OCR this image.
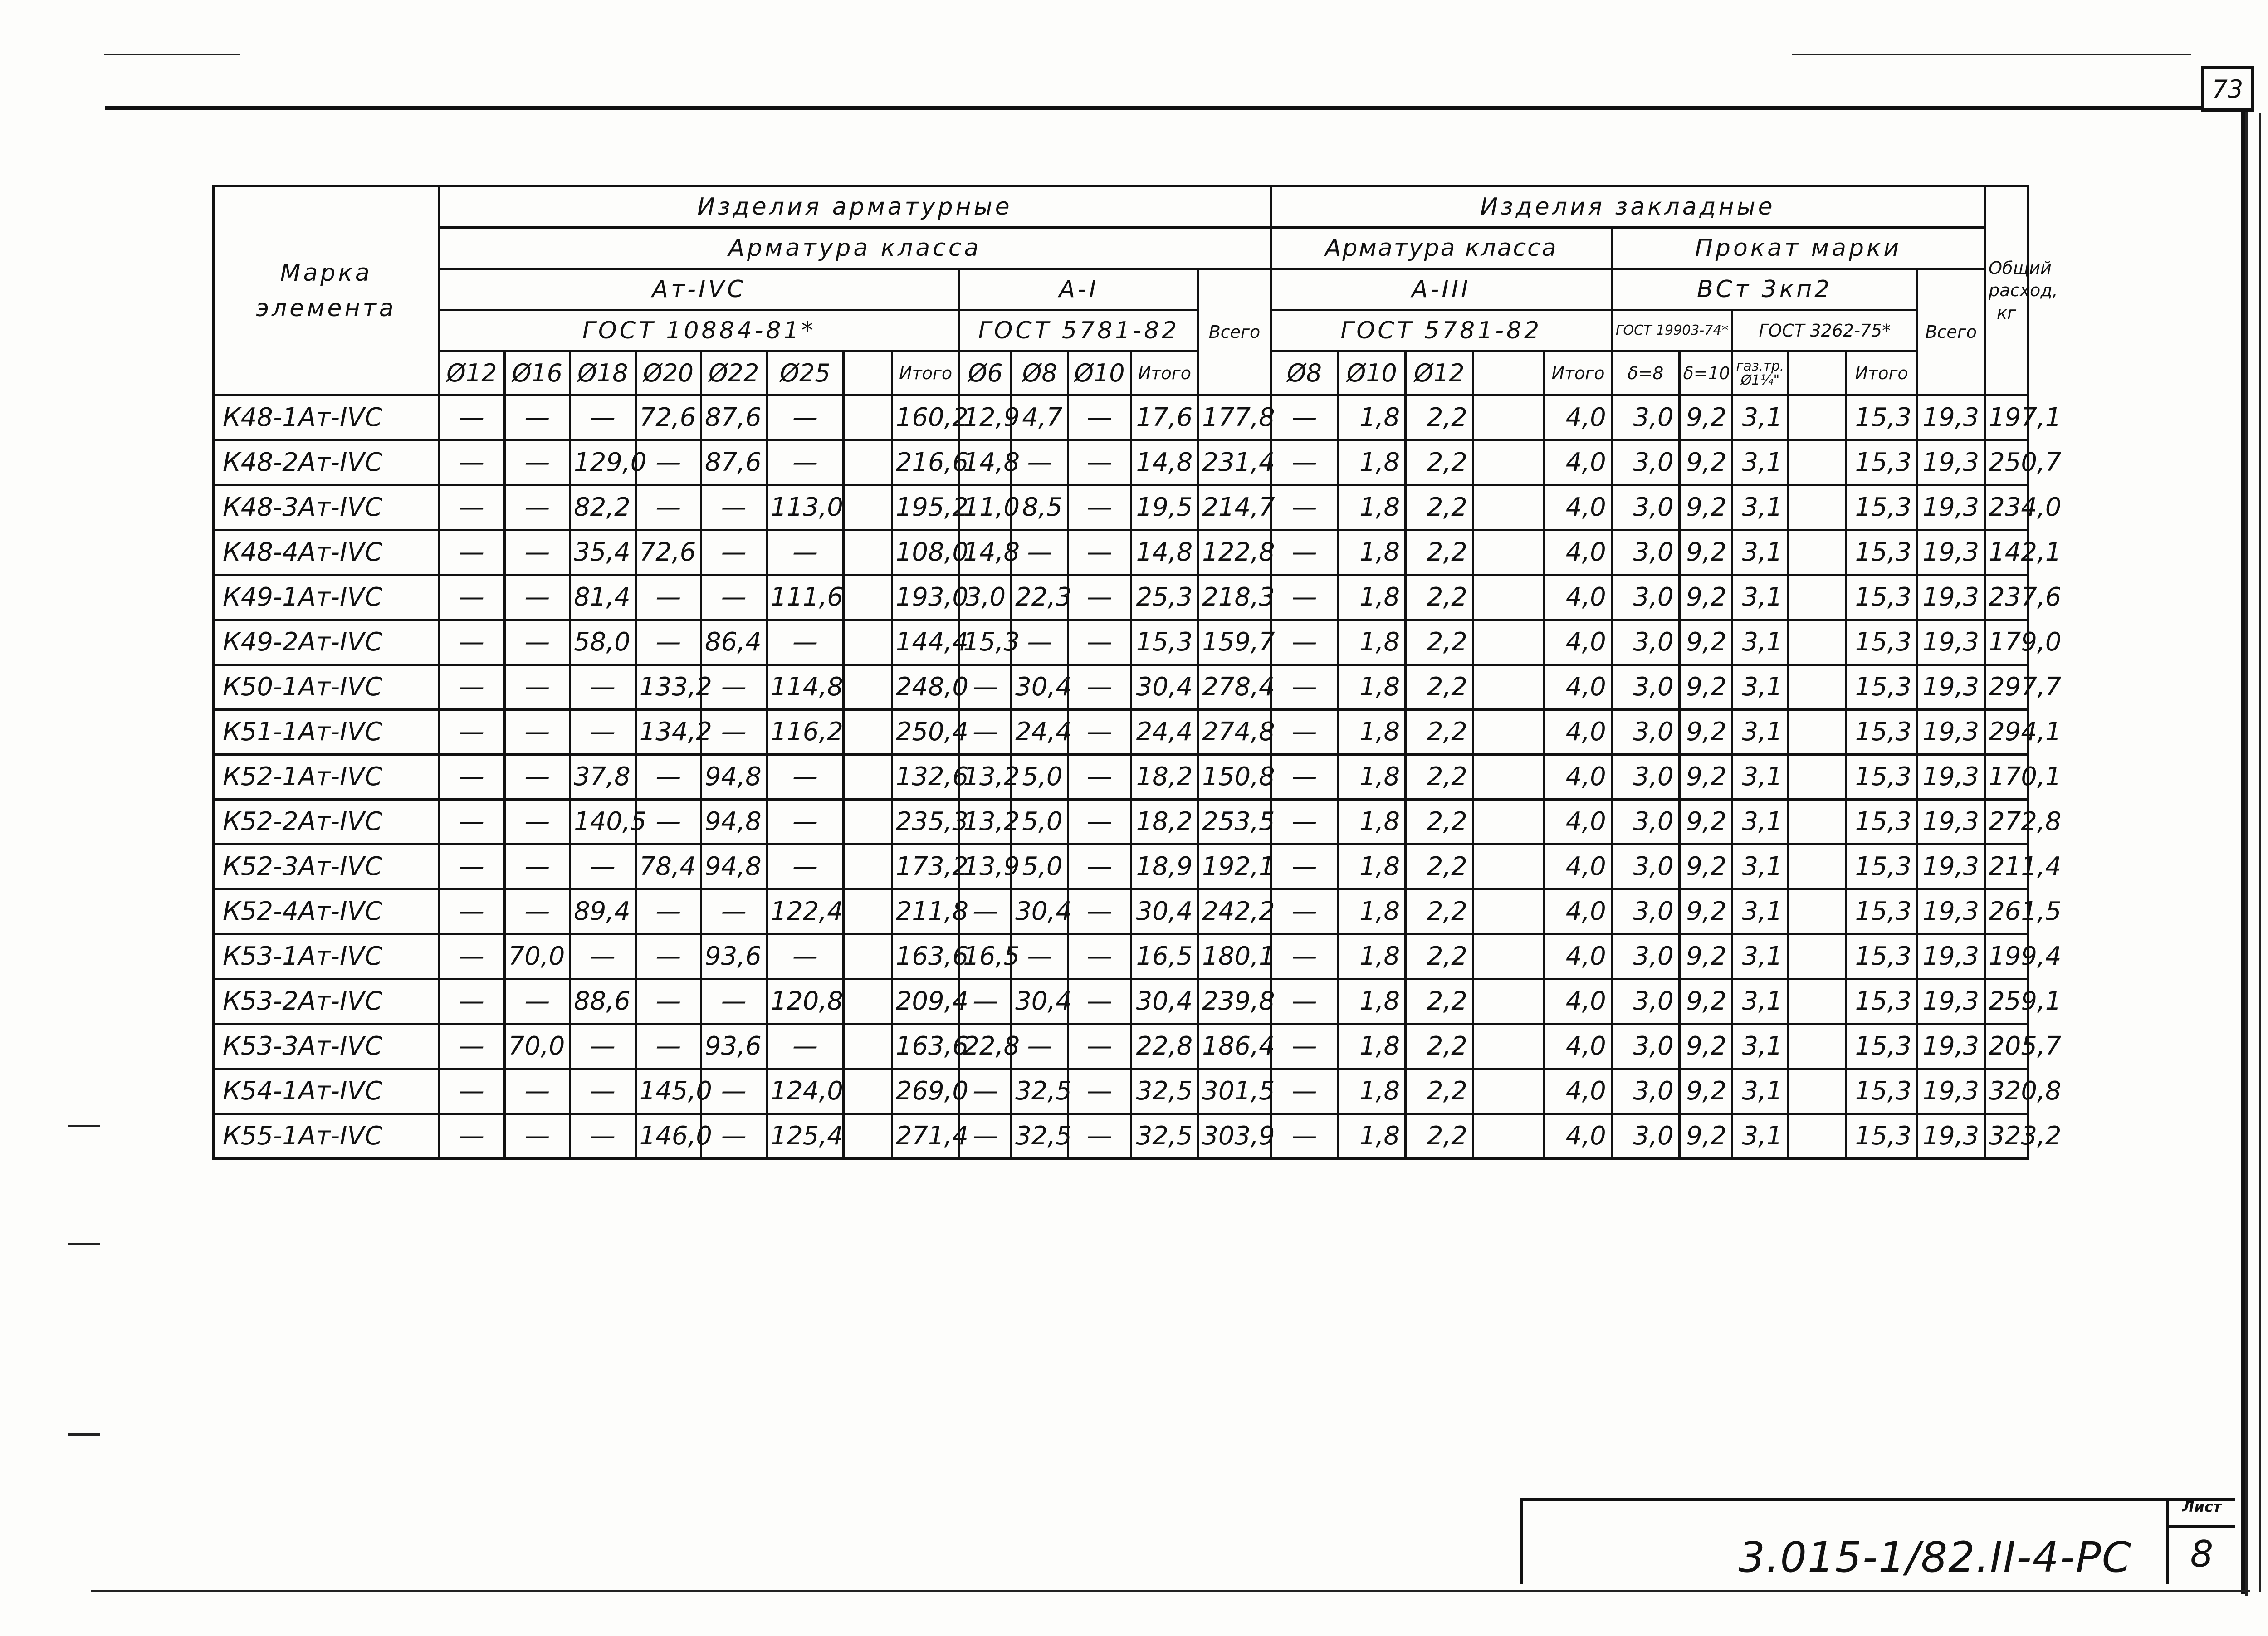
73
3.015-1/82.II-4-PC
Лист
8
Марка элемента	Изделия арматурные													Изделия закладные											Общий расход, кг
	Арматура класса													Арматура класса					Прокат марки						
	Ат-IVС								А-I				Всего	А-III					ВСт 3кп2					Всего	
	ГОСТ 10884-81*								ГОСТ 5781-82					ГОСТ 5781-82					ГОСТ 19903-74*		ГОСТ 3262-75*				
	Ø12	Ø16	Ø18	Ø20	Ø22	Ø25		Итого	Ø6	Ø8	Ø10	Итого		Ø8	Ø10	Ø12		Итого	δ=8	δ=10	газ.тр. Ø1¼"		Итого		
К48-1Ат-IVС	—	—	—	72,6	87,6	—		160,2	12,9	4,7	—	17,6	177,8	—	1,8	2,2		4,0	3,0	9,2	3,1		15,3	19,3	197,1
К48-2Ат-IVС	—	—	129,0	—	87,6	—		216,6	14,8	—	—	14,8	231,4	—	1,8	2,2		4,0	3,0	9,2	3,1		15,3	19,3	250,7
К48-3Ат-IVС	—	—	82,2	—	—	113,0		195,2	11,0	8,5	—	19,5	214,7	—	1,8	2,2		4,0	3,0	9,2	3,1		15,3	19,3	234,0
К48-4Ат-IVС	—	—	35,4	72,6	—	—		108,0	14,8	—	—	14,8	122,8	—	1,8	2,2		4,0	3,0	9,2	3,1		15,3	19,3	142,1
К49-1Ат-IVС	—	—	81,4	—	—	111,6		193,0	3,0	22,3	—	25,3	218,3	—	1,8	2,2		4,0	3,0	9,2	3,1		15,3	19,3	237,6
К49-2Ат-IVС	—	—	58,0	—	86,4	—		144,4	15,3	—	—	15,3	159,7	—	1,8	2,2		4,0	3,0	9,2	3,1		15,3	19,3	179,0
К50-1Ат-IVС	—	—	—	133,2	—	114,8		248,0	—	30,4	—	30,4	278,4	—	1,8	2,2		4,0	3,0	9,2	3,1		15,3	19,3	297,7
К51-1Ат-IVС	—	—	—	134,2	—	116,2		250,4	—	24,4	—	24,4	274,8	—	1,8	2,2		4,0	3,0	9,2	3,1		15,3	19,3	294,1
К52-1Ат-IVС	—	—	37,8	—	94,8	—		132,6	13,2	5,0	—	18,2	150,8	—	1,8	2,2		4,0	3,0	9,2	3,1		15,3	19,3	170,1
К52-2Ат-IVС	—	—	140,5	—	94,8	—		235,3	13,2	5,0	—	18,2	253,5	—	1,8	2,2		4,0	3,0	9,2	3,1		15,3	19,3	272,8
К52-3Ат-IVС	—	—	—	78,4	94,8	—		173,2	13,9	5,0	—	18,9	192,1	—	1,8	2,2		4,0	3,0	9,2	3,1		15,3	19,3	211,4
К52-4Ат-IVС	—	—	89,4	—	—	122,4		211,8	—	30,4	—	30,4	242,2	—	1,8	2,2		4,0	3,0	9,2	3,1		15,3	19,3	261,5
К53-1Ат-IVС	—	70,0	—	—	93,6	—		163,6	16,5	—	—	16,5	180,1	—	1,8	2,2		4,0	3,0	9,2	3,1		15,3	19,3	199,4
К53-2Ат-IVС	—	—	88,6	—	—	120,8		209,4	—	30,4	—	30,4	239,8	—	1,8	2,2		4,0	3,0	9,2	3,1		15,3	19,3	259,1
К53-3Ат-IVС	—	70,0	—	—	93,6	—		163,6	22,8	—	—	22,8	186,4	—	1,8	2,2		4,0	3,0	9,2	3,1		15,3	19,3	205,7
К54-1Ат-IVС	—	—	—	145,0	—	124,0		269,0	—	32,5	—	32,5	301,5	—	1,8	2,2		4,0	3,0	9,2	3,1		15,3	19,3	320,8
К55-1Ат-IVС	—	—	—	146,0	—	125,4		271,4	—	32,5	—	32,5	303,9	—	1,8	2,2		4,0	3,0	9,2	3,1		15,3	19,3	323,2
